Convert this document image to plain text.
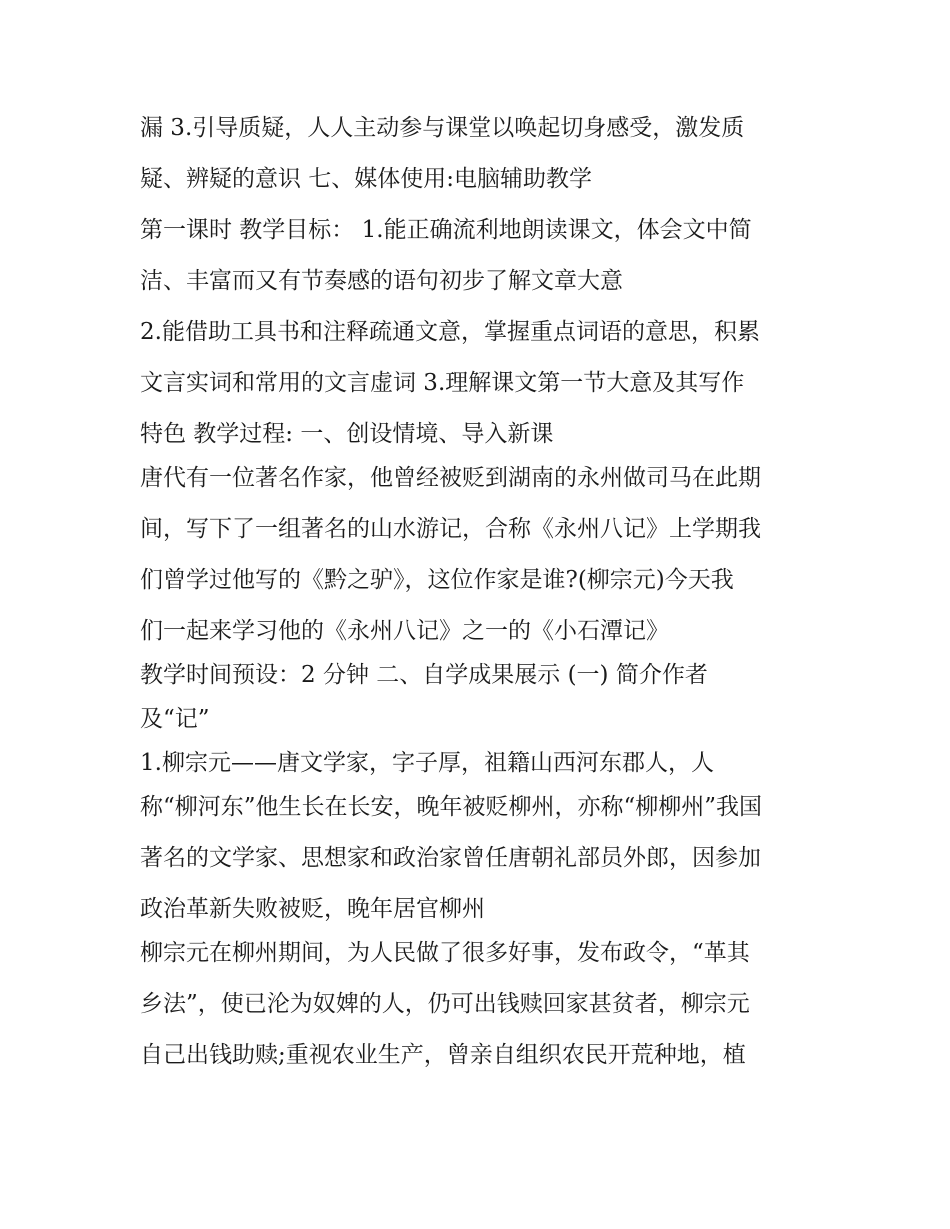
漏 3.引导质疑，人人主动参与课堂以唤起切身感受，激发质
疑、辨疑的意识 七、媒体使用:电脑辅助教学
第一课时 教学目标： 1.能正确流利地朗读课文，体会文中简
洁、丰富而又有节奏感的语句初步了解文章大意
2.能借助工具书和注释疏通文意，掌握重点词语的意思，积累
文言实词和常用的文言虚词 3.理解课文第一节大意及其写作
特色 教学过程: 一、创设情境、导入新课
唐代有一位著名作家，他曾经被贬到湖南的永州做司马在此期
间，写下了一组著名的山水游记，合称《永州八记》上学期我
们曾学过他写的《黔之驴》，这位作家是谁?(柳宗元)今天我
们一起来学习他的《永州八记》之一的《小石潭记》
教学时间预设：2 分钟 二、自学成果展示 (一) 简介作者
及“记”
1.柳宗元——唐文学家，字子厚，祖籍山西河东郡人，人
称“柳河东”他生长在长安，晚年被贬柳州，亦称“柳柳州”我国
著名的文学家、思想家和政治家曾任唐朝礼部员外郎，因参加
政治革新失败被贬，晚年居官柳州
柳宗元在柳州期间，为人民做了很多好事，发布政令，“革其
乡法”，使已沦为奴婢的人，仍可出钱赎回家甚贫者，柳宗元
自己出钱助赎;重视农业生产，曾亲自组织农民开荒种地，植
